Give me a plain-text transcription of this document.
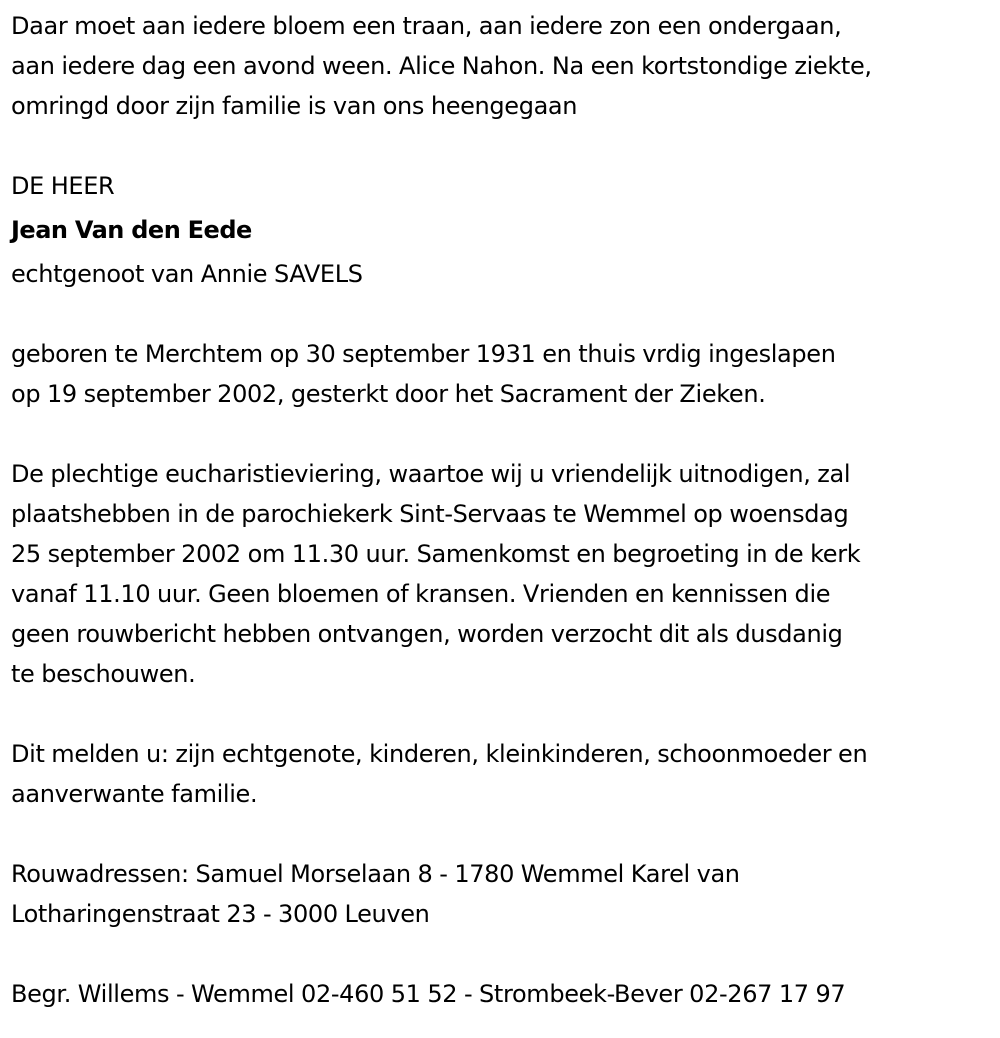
Daar moet aan iedere bloem een traan, aan iedere zon een ondergaan,
aan iedere dag een avond ween. Alice Nahon. Na een kortstondige ziekte,
omringd door zijn familie is van ons heengegaan
DE HEER
Jean Van den Eede
echtgenoot van Annie SAVELS
geboren te Merchtem op 30 september 1931 en thuis vrdig ingeslapen
op 19 september 2002, gesterkt door het Sacrament der Zieken.
De plechtige eucharistieviering, waartoe wij u vriendelijk uitnodigen, zal
plaatshebben in de parochiekerk Sint-Servaas te Wemmel op woensdag
25 september 2002 om 11.30 uur. Samenkomst en begroeting in de kerk
vanaf 11.10 uur. Geen bloemen of kransen. Vrienden en kennissen die
geen rouwbericht hebben ontvangen, worden verzocht dit als dusdanig
te beschouwen.
Dit melden u: zijn echtgenote, kinderen, kleinkinderen, schoonmoeder en
aanverwante familie.
Rouwadressen: Samuel Morselaan 8 - 1780 Wemmel Karel van
Lotharingenstraat 23 - 3000 Leuven
Begr. Willems - Wemmel 02-460 51 52 - Strombeek-Bever 02-267 17 97
